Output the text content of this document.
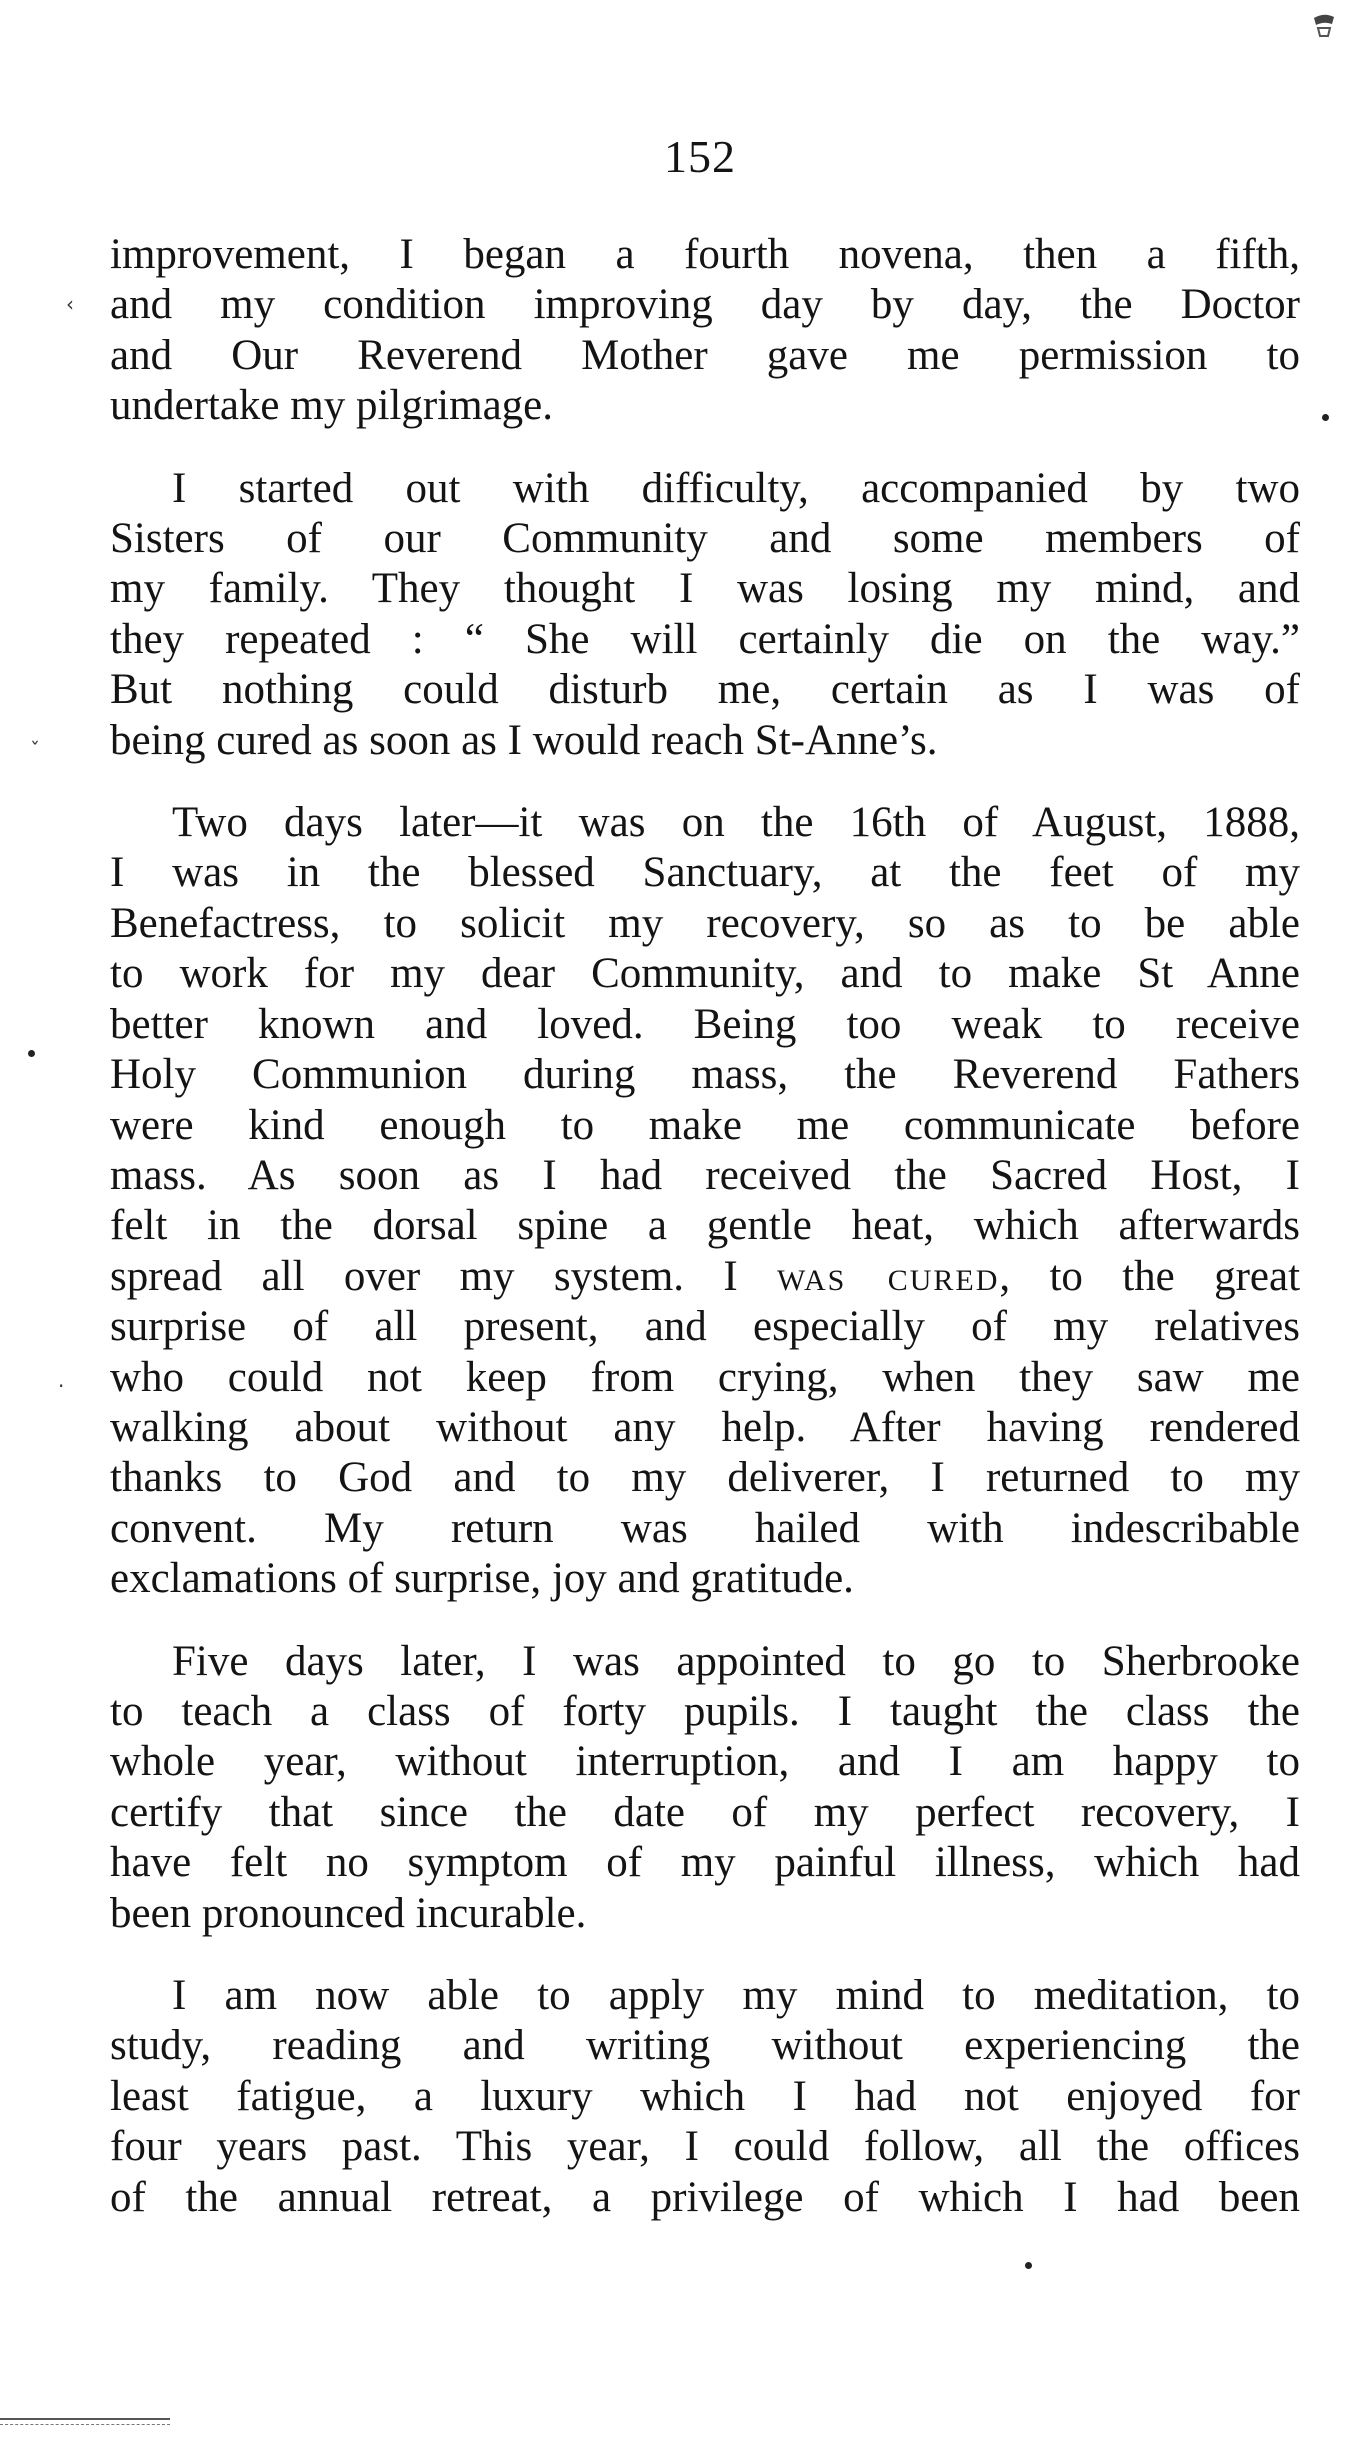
152

improvement, I began a fourth novena, then a fifth,
and my condition improving day by day, the Doctor
and Our Reverend Mother gave me permission to
undertake my pilgrimage.

I started out with difficulty, accompanied by two
Sisters of our Community and some members of
my family. They thought I was losing my mind, and
they repeated : “ She will certainly die on the way.”
But nothing could disturb me, certain as I was of
being cured as soon as I would reach St-Anne’s.

Two days later—it was on the 16th of August, 1888,
I was in the blessed Sanctuary, at the feet of my
Benefactress, to solicit my recovery, so as to be able
to work for my dear Community, and to make St Anne
better known and loved. Being too weak to receive
Holy Communion during mass, the Reverend Fathers
were kind enough to make me communicate before
mass. As soon as I had received the Sacred Host, I
felt in the dorsal spine a gentle heat, which afterwards
spread all over my system. I was cured, to the great
surprise of all present, and especially of my relatives
who could not keep from crying, when they saw me
walking about without any help. After having rendered
thanks to God and to my deliverer, I returned to my
convent. My return was hailed with indescribable
exclamations of surprise, joy and gratitude.

Five days later, I was appointed to go to Sherbrooke
to teach a class of forty pupils. I taught the class the
whole year, without interruption, and I am happy to
certify that since the date of my perfect recovery, I
have felt no symptom of my painful illness, which had
been pronounced incurable.

I am now able to apply my mind to meditation, to
study, reading and writing without experiencing the
least fatigue, a luxury which I had not enjoyed for
four years past. This year, I could follow, all the offices
of the annual retreat, a privilege of which I had been

‹
ˇ
.
